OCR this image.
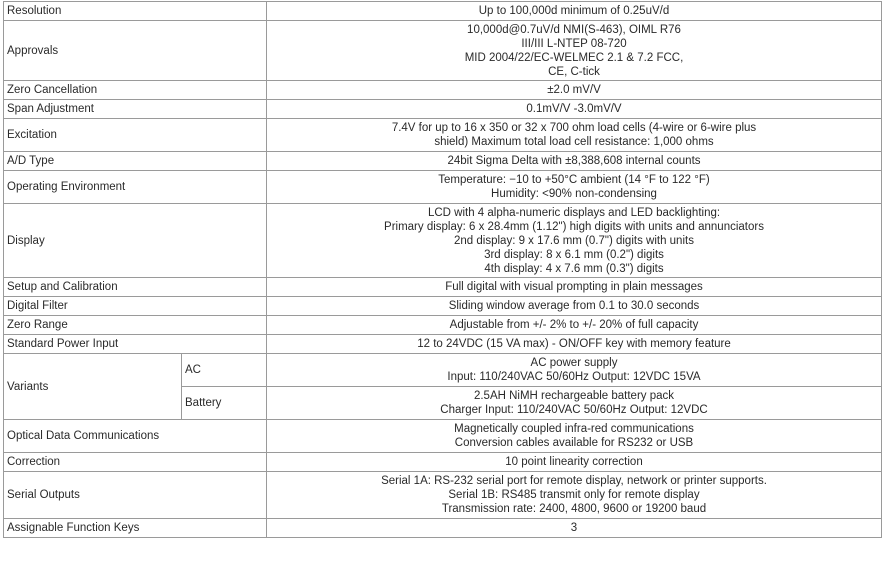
Resolution		Up to 100,000d minimum of 0.25uV/d

Approvals		10,000d@0.7uV/d NMI(S-463), OIML R76
III/III L-NTEP 08-720
MID 2004/22/EC-WELMEC 2.1 & 7.2 FCC,
CE, C-tick

Zero Cancellation		±2.0 mV/V

Span Adjustment		0.1mV/V -3.0mV/V

Excitation		7.4V for up to 16 x 350 or 32 x 700 ohm load cells (4-wire or 6-wire plus
shield) Maximum total load cell resistance: 1,000 ohms

A/D Type		24bit Sigma Delta with ±8,388,608 internal counts

Operating Environment		Temperature: −10 to +50°C ambient (14 °F to 122 °F)
Humidity: <90% non-condensing

Display		LCD with 4 alpha-numeric displays and LED backlighting:
Primary display: 6 x 28.4mm (1.12") high digits with units and annunciators
2nd display: 9 x 17.6 mm (0.7") digits with units
3rd display: 8 x 6.1 mm (0.2") digits
4th display: 4 x 7.6 mm (0.3") digits

Setup and Calibration		Full digital with visual prompting in plain messages

Digital Filter		Sliding window average from 0.1 to 30.0 seconds

Zero Range		Adjustable from +/- 2% to +/- 20% of full capacity

Standard Power Input		12 to 24VDC (15 VA max) - ON/OFF key with memory feature

Variants	AC	AC power supply
Input: 110/240VAC 50/60Hz Output: 12VDC 15VA

	Battery	2.5AH NiMH rechargeable battery pack
Charger Input: 110/240VAC 50/60Hz Output: 12VDC

Optical Data Communications		Magnetically coupled infra-red communications
Conversion cables available for RS232 or USB

Correction		10 point linearity correction

Serial Outputs		Serial 1A: RS-232 serial port for remote display, network or printer supports.
Serial 1B: RS485 transmit only for remote display
Transmission rate: 2400, 4800, 9600 or 19200 baud

Assignable Function Keys		3
